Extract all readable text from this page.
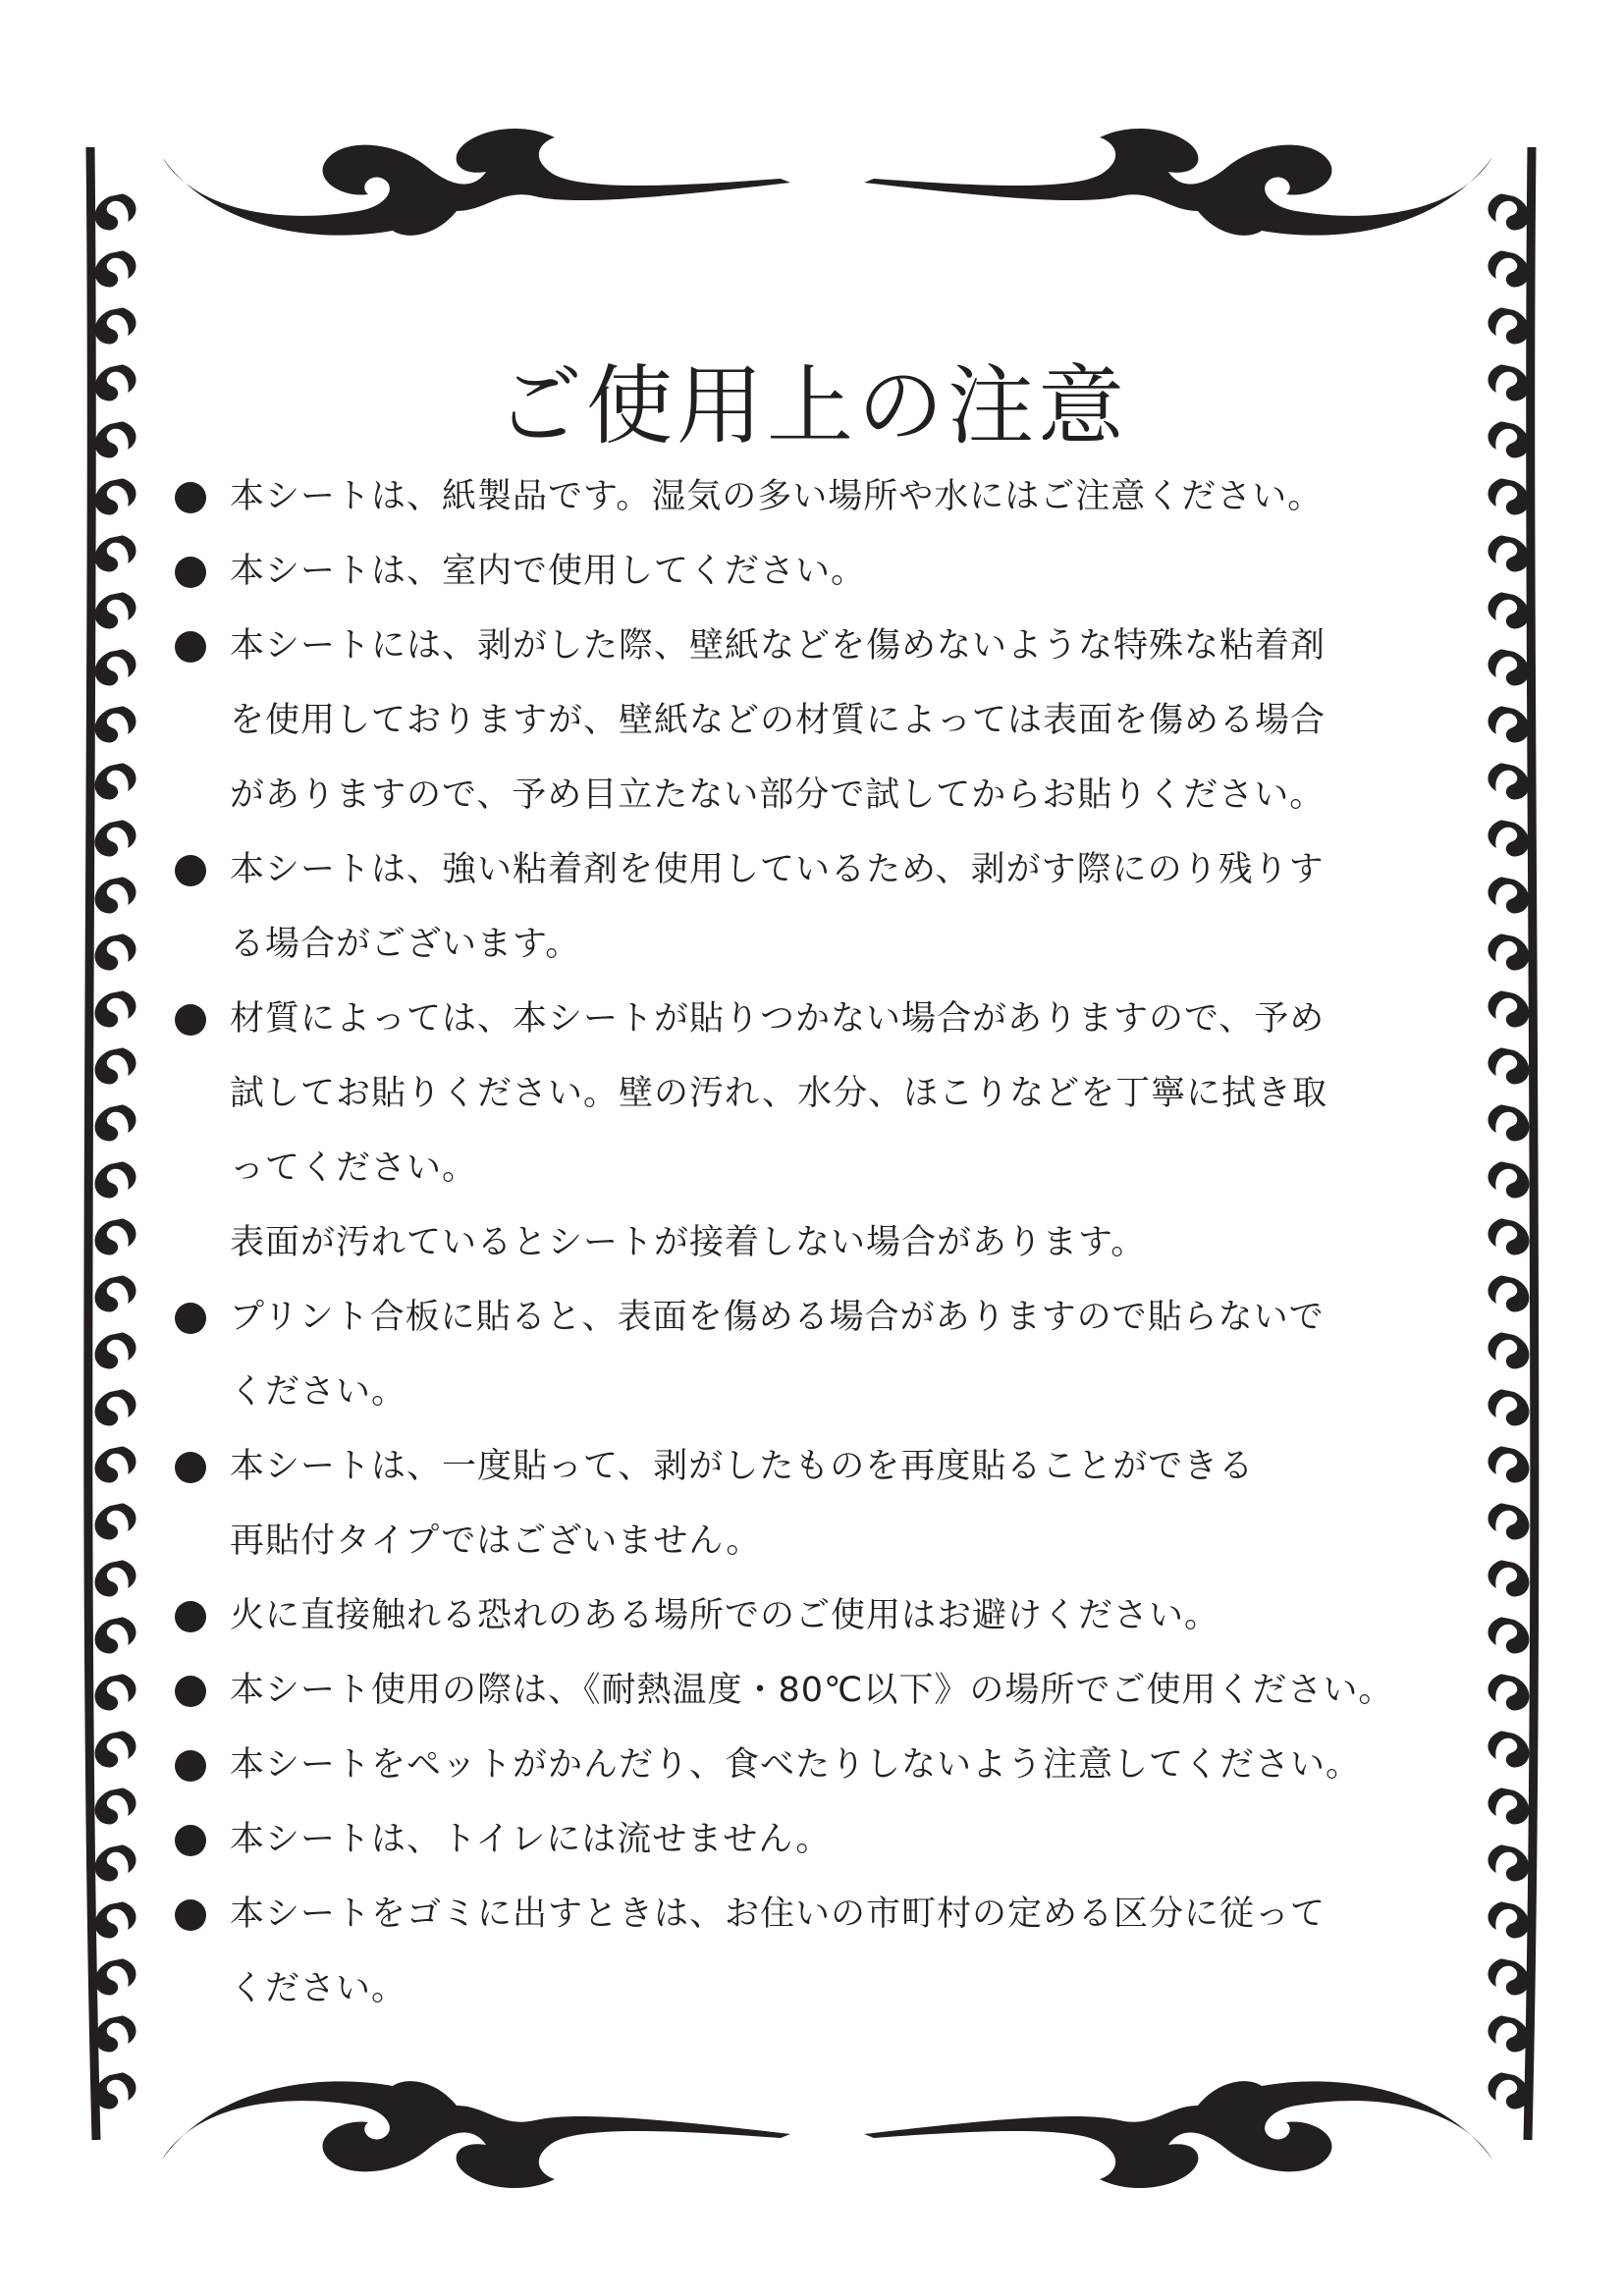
ご使用上の注意
本シートは、紙製品です。湿気の多い場所や水にはご注意ください。
本シートは、室内で使用してください。
本シートには、剥がした際、壁紙などを傷めないような特殊な粘着剤
を使用しておりますが、壁紙などの材質によっては表面を傷める場合
がありますので、予め目立たない部分で試してからお貼りください。
本シートは、強い粘着剤を使用しているため、剥がす際にのり残りす
る場合がございます。
材質によっては、本シートが貼りつかない場合がありますので、予め
試してお貼りください。壁の汚れ、水分、ほこりなどを丁寧に拭き取
ってください。
表面が汚れているとシートが接着しない場合があります。
プリント合板に貼ると、表面を傷める場合がありますので貼らないで
ください。
本シートは、一度貼って、剥がしたものを再度貼ることができる
再貼付タイプではございません。
火に直接触れる恐れのある場所でのご使用はお避けください。
本シート使用の際は、《耐熱温度・80℃以下》の場所でご使用ください。
本シートをペットがかんだり、食べたりしないよう注意してください。
本シートは、トイレには流せません。
本シートをゴミに出すときは、お住いの市町村の定める区分に従って
ください。
